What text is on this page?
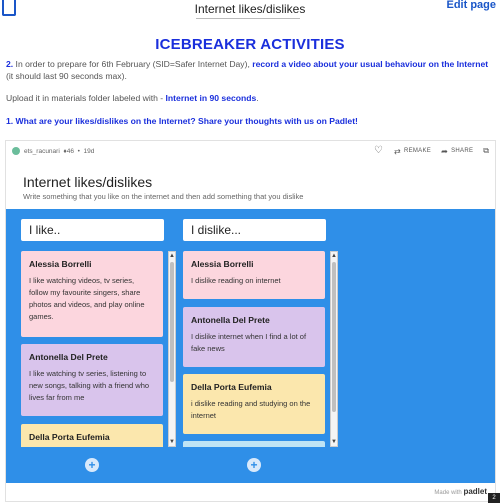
Internet likes/dislikes	Edit page
ICEBREAKER ACTIVITIES
2. In order to prepare for 6th February (SID=Safer Internet Day), record a video about your usual behaviour on the Internet (it should last 90 seconds max).
Upload it in materials folder labeled with - Internet in 90 seconds.
1. What are your likes/dislikes on the Internet? Share your thoughts with us on Padlet!
ets_racunari ♦46 • 19d	♡ ⇄ REMAKE ➦ SHARE ⧉
Internet likes/dislikes
Write something that you like on the internet and then add something that you dislike
I like..	I dislike...
Alessia Borrelli
I like watching videos, tv series, follow my favourite singers, share photos and videos, and play online games.
Antonella Del Prete
I like watching tv series, listening to new songs, talking with a friend who lives far from me
Della Porta Eufemia
▲
▼
Alessia Borrelli
I dislike reading on internet
Antonella Del Prete
I dislike internet when I find a lot of fake news
Della Porta Eufemia
i dislike reading and studying on the internet
▲
▼
+	+
Made with padlet
2
